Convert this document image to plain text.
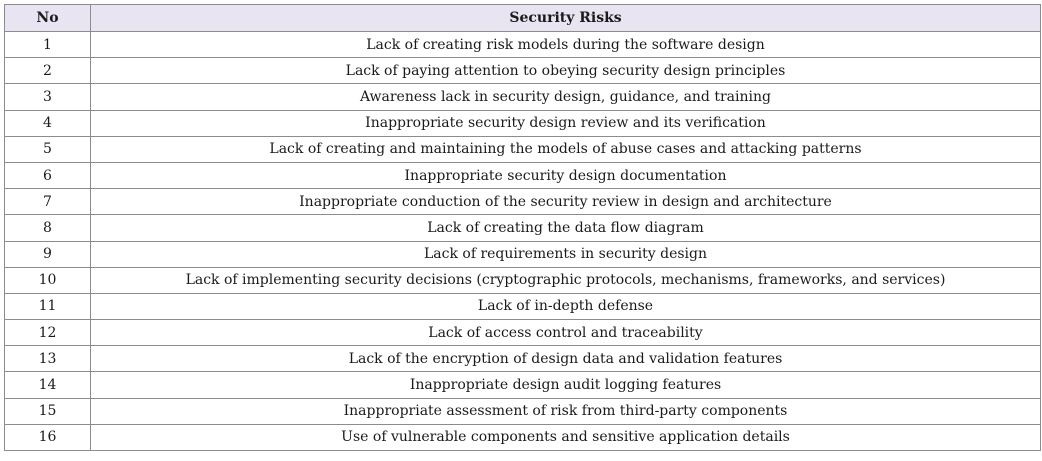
No	Security Risks
1	Lack of creating risk models during the software design
2	Lack of paying attention to obeying security design principles
3	Awareness lack in security design, guidance, and training
4	Inappropriate security design review and its verification
5	Lack of creating and maintaining the models of abuse cases and attacking patterns
6	Inappropriate security design documentation
7	Inappropriate conduction of the security review in design and architecture
8	Lack of creating the data flow diagram
9	Lack of requirements in security design
10	Lack of implementing security decisions (cryptographic protocols, mechanisms, frameworks, and services)
11	Lack of in-depth defense
12	Lack of access control and traceability
13	Lack of the encryption of design data and validation features
14	Inappropriate design audit logging features
15	Inappropriate assessment of risk from third-party components
16	Use of vulnerable components and sensitive application details
